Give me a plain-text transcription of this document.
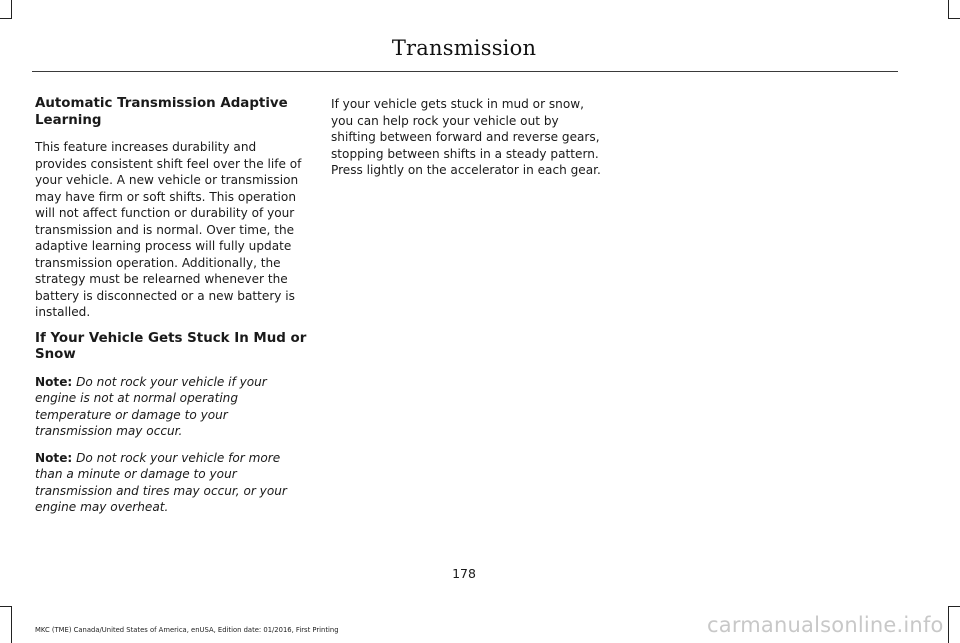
Transmission
Automatic Transmission Adaptive Learning

This feature increases durability and provides consistent shift feel over the life of your vehicle. A new vehicle or transmission may have firm or soft shifts. This operation will not affect function or durability of your transmission and is normal. Over time, the adaptive learning process will fully update transmission operation. Additionally, the strategy must be relearned whenever the battery is disconnected or a new battery is installed.

If Your Vehicle Gets Stuck In Mud or Snow

Note: Do not rock your vehicle if your engine is not at normal operating temperature or damage to your transmission may occur.

Note: Do not rock your vehicle for more than a minute or damage to your transmission and tires may occur, or your engine may overheat.

If your vehicle gets stuck in mud or snow, you can help rock your vehicle out by shifting between forward and reverse gears, stopping between shifts in a steady pattern. Press lightly on the accelerator in each gear.

178
MKC (TME) Canada/United States of America, enUSA, Edition date: 01/2016, First Printing	carmanualsonline.info
